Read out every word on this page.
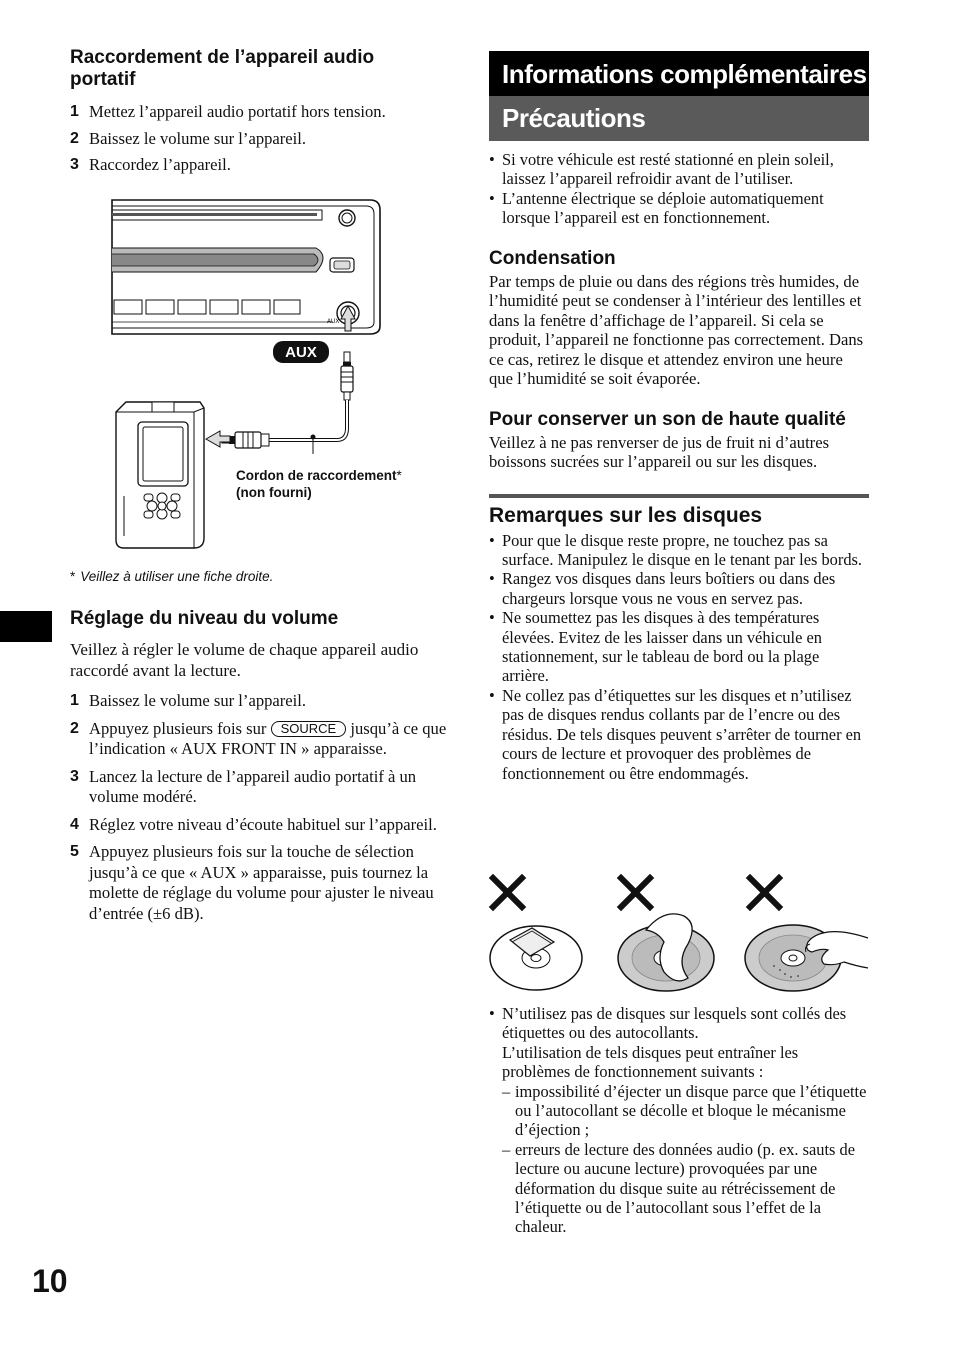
Raccordement de l’appareil audio portatif
1 Mettez l’appareil audio portatif hors tension.
2 Baissez le volume sur l’appareil.
3 Raccordez l’appareil.
AUX
AUX
Cordon de raccordement*
(non fourni)
* Veillez à utiliser une fiche droite.
Réglage du niveau du volume

Veillez à régler le volume de chaque appareil audio raccordé avant la lecture.

1 Baissez le volume sur l’appareil.
2 Appuyez plusieurs fois sur SOURCE jusqu’à ce que l’indication « AUX FRONT IN » apparaisse.
3 Lancez la lecture de l’appareil audio portatif à un volume modéré.
4 Réglez votre niveau d’écoute habituel sur l’appareil.
5 Appuyez plusieurs fois sur la touche de sélection jusqu’à ce que « AUX » apparaisse, puis tournez la molette de réglage du volume pour ajuster le niveau d’entrée (±6 dB).
10
Informations complémentaires
Précautions
• Si votre véhicule est resté stationné en plein soleil, laissez l’appareil refroidir avant de l’utiliser.
• L’antenne électrique se déploie automatiquement lorsque l’appareil est en fonctionnement.
Condensation

Par temps de pluie ou dans des régions très humides, de l’humidité peut se condenser à l’intérieur des lentilles et dans la fenêtre d’affichage de l’appareil. Si cela se produit, l’appareil ne fonctionne pas correctement. Dans ce cas, retirez le disque et attendez environ une heure que l’humidité se soit évaporée.

Pour conserver un son de haute qualité

Veillez à ne pas renverser de jus de fruit ni d’autres boissons sucrées sur l’appareil ou sur les disques.

Remarques sur les disques
• Pour que le disque reste propre, ne touchez pas sa surface. Manipulez le disque en le tenant par les bords.
• Rangez vos disques dans leurs boîtiers ou dans des chargeurs lorsque vous ne vous en servez pas.
• Ne soumettez pas les disques à des températures élevées. Evitez de les laisser dans un véhicule en stationnement, sur le tableau de bord ou la plage arrière.
• Ne collez pas d’étiquettes sur les disques et n’utilisez pas de disques rendus collants par de l’encre ou des résidus. De tels disques peuvent s’arrêter de tourner en cours de lecture et provoquer des problèmes de fonctionnement ou être endommagés.
• N’utilisez pas de disques sur lesquels sont collés des étiquettes ou des autocollants.

L’utilisation de tels disques peut entraîner les problèmes de fonctionnement suivants :

– impossibilité d’éjecter un disque parce que l’étiquette ou l’autocollant se décolle et bloque le mécanisme d’éjection ;
– erreurs de lecture des données audio (p. ex. sauts de lecture ou aucune lecture) provoquées par une déformation du disque suite au rétrécissement de l’étiquette ou de l’autocollant sous l’effet de la chaleur.
